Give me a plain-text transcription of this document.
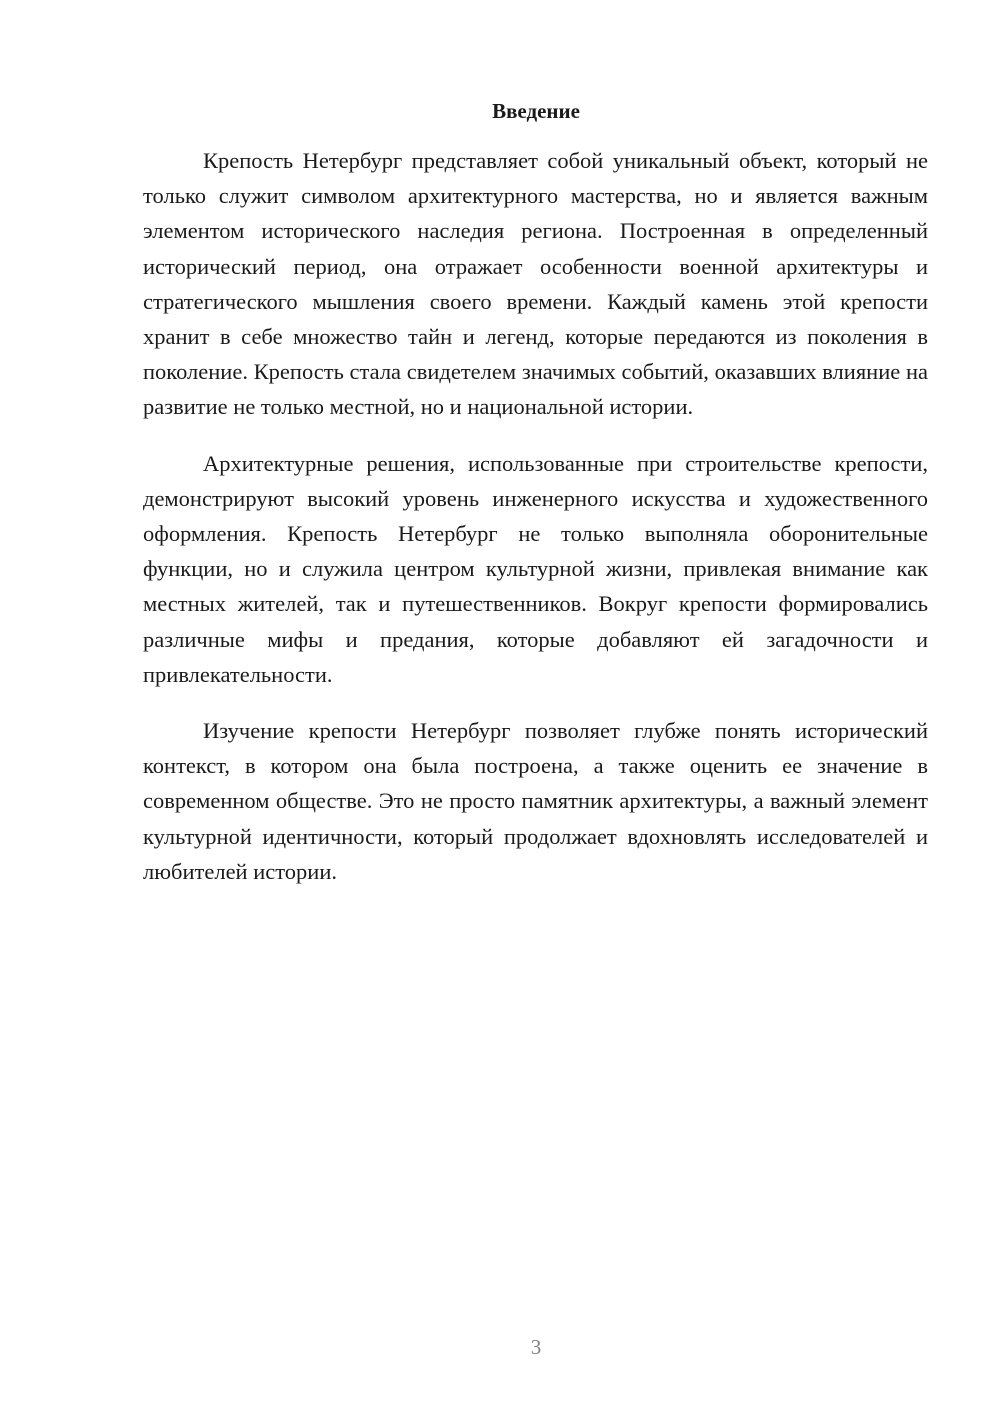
Введение

Крепость Нетербург представляет собой уникальный объект, который не только служит символом архитектурного мастерства, но и является важным элементом исторического наследия региона. Построенная в определенный исторический период, она отражает особенности военной архитектуры и стратегического мышления своего времени. Каждый камень этой крепости хранит в себе множество тайн и легенд, которые передаются из поколения в поколение. Крепость стала свидетелем значимых событий, оказавших влияние на развитие не только местной, но и национальной истории.

Архитектурные решения, использованные при строительстве крепости, демонстрируют высокий уровень инженерного искусства и художественного оформления. Крепость Нетербург не только выполняла оборонительные функции, но и служила центром культурной жизни, привлекая внимание как местных жителей, так и путешественников. Вокруг крепости формировались различные мифы и предания, которые добавляют ей загадочности и привлекательности.

Изучение крепости Нетербург позволяет глубже понять исторический контекст, в котором она была построена, а также оценить ее значение в современном обществе. Это не просто памятник архитектуры, а важный элемент культурной идентичности, который продолжает вдохновлять исследователей и любителей истории.

3
